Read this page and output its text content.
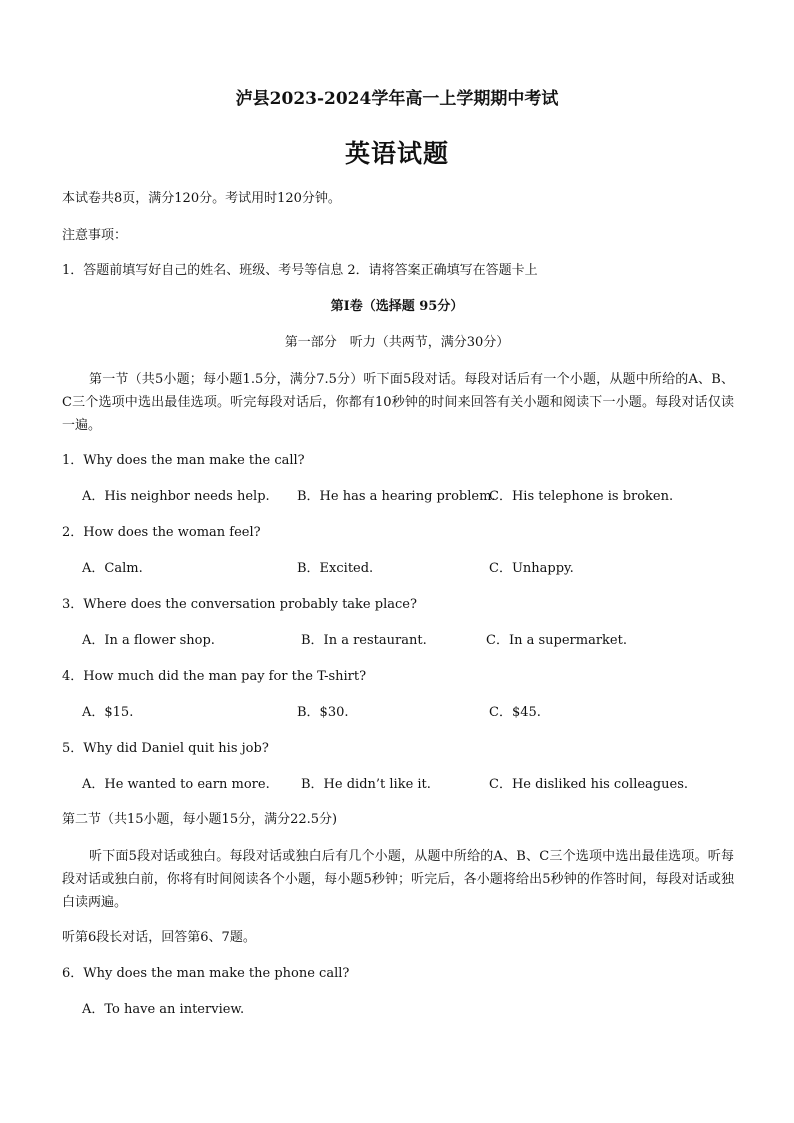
泸县2023-2024学年高一上学期期中考试
英语试题
本试卷共8页，满分120分。考试用时120分钟。
注意事项：
1．答题前填写好自己的姓名、班级、考号等信息 2．请将答案正确填写在答题卡上
第I卷（选择题 95分）
第一部分　听力（共两节，满分30分）
第一节（共5小题；每小题1.5分，满分7.5分）听下面5段对话。每段对话后有一个小题，从题中所给的A、B、C三个选项中选出最佳选项。听完每段对话后，你都有10秒钟的时间来回答有关小题和阅读下一小题。每段对话仅读一遍。
1．Why does the man make the call?
A．His neighbor needs help. B．He has a hearing problem.
C．His telephone is broken.
2．How does the woman feel?
A．Calm.	B．Excited.	C．Unhappy.
3．Where does the conversation probably take place?
A．In a flower shop.	B．In a restaurant.	C．In a supermarket.
4．How much did the man pay for the T-shirt?
A．$15.	B．$30.	C．$45.
5．Why did Daniel quit his job?
A．He wanted to earn more. B．He didn’t like it.	C．He disliked his colleagues.
第二节（共15小题，每小题15分，满分22.5分)
听下面5段对话或独白。每段对话或独白后有几个小题，从题中所给的A、B、C三个选项中选出最佳选项。听每段对话或独白前，你将有时间阅读各个小题，每小题5秒钟；听完后，各小题将给出5秒钟的作答时间，每段对话或独白读两遍。
听第6段长对话，回答第6、7题。
6．Why does the man make the phone call?
A．To have an interview.
